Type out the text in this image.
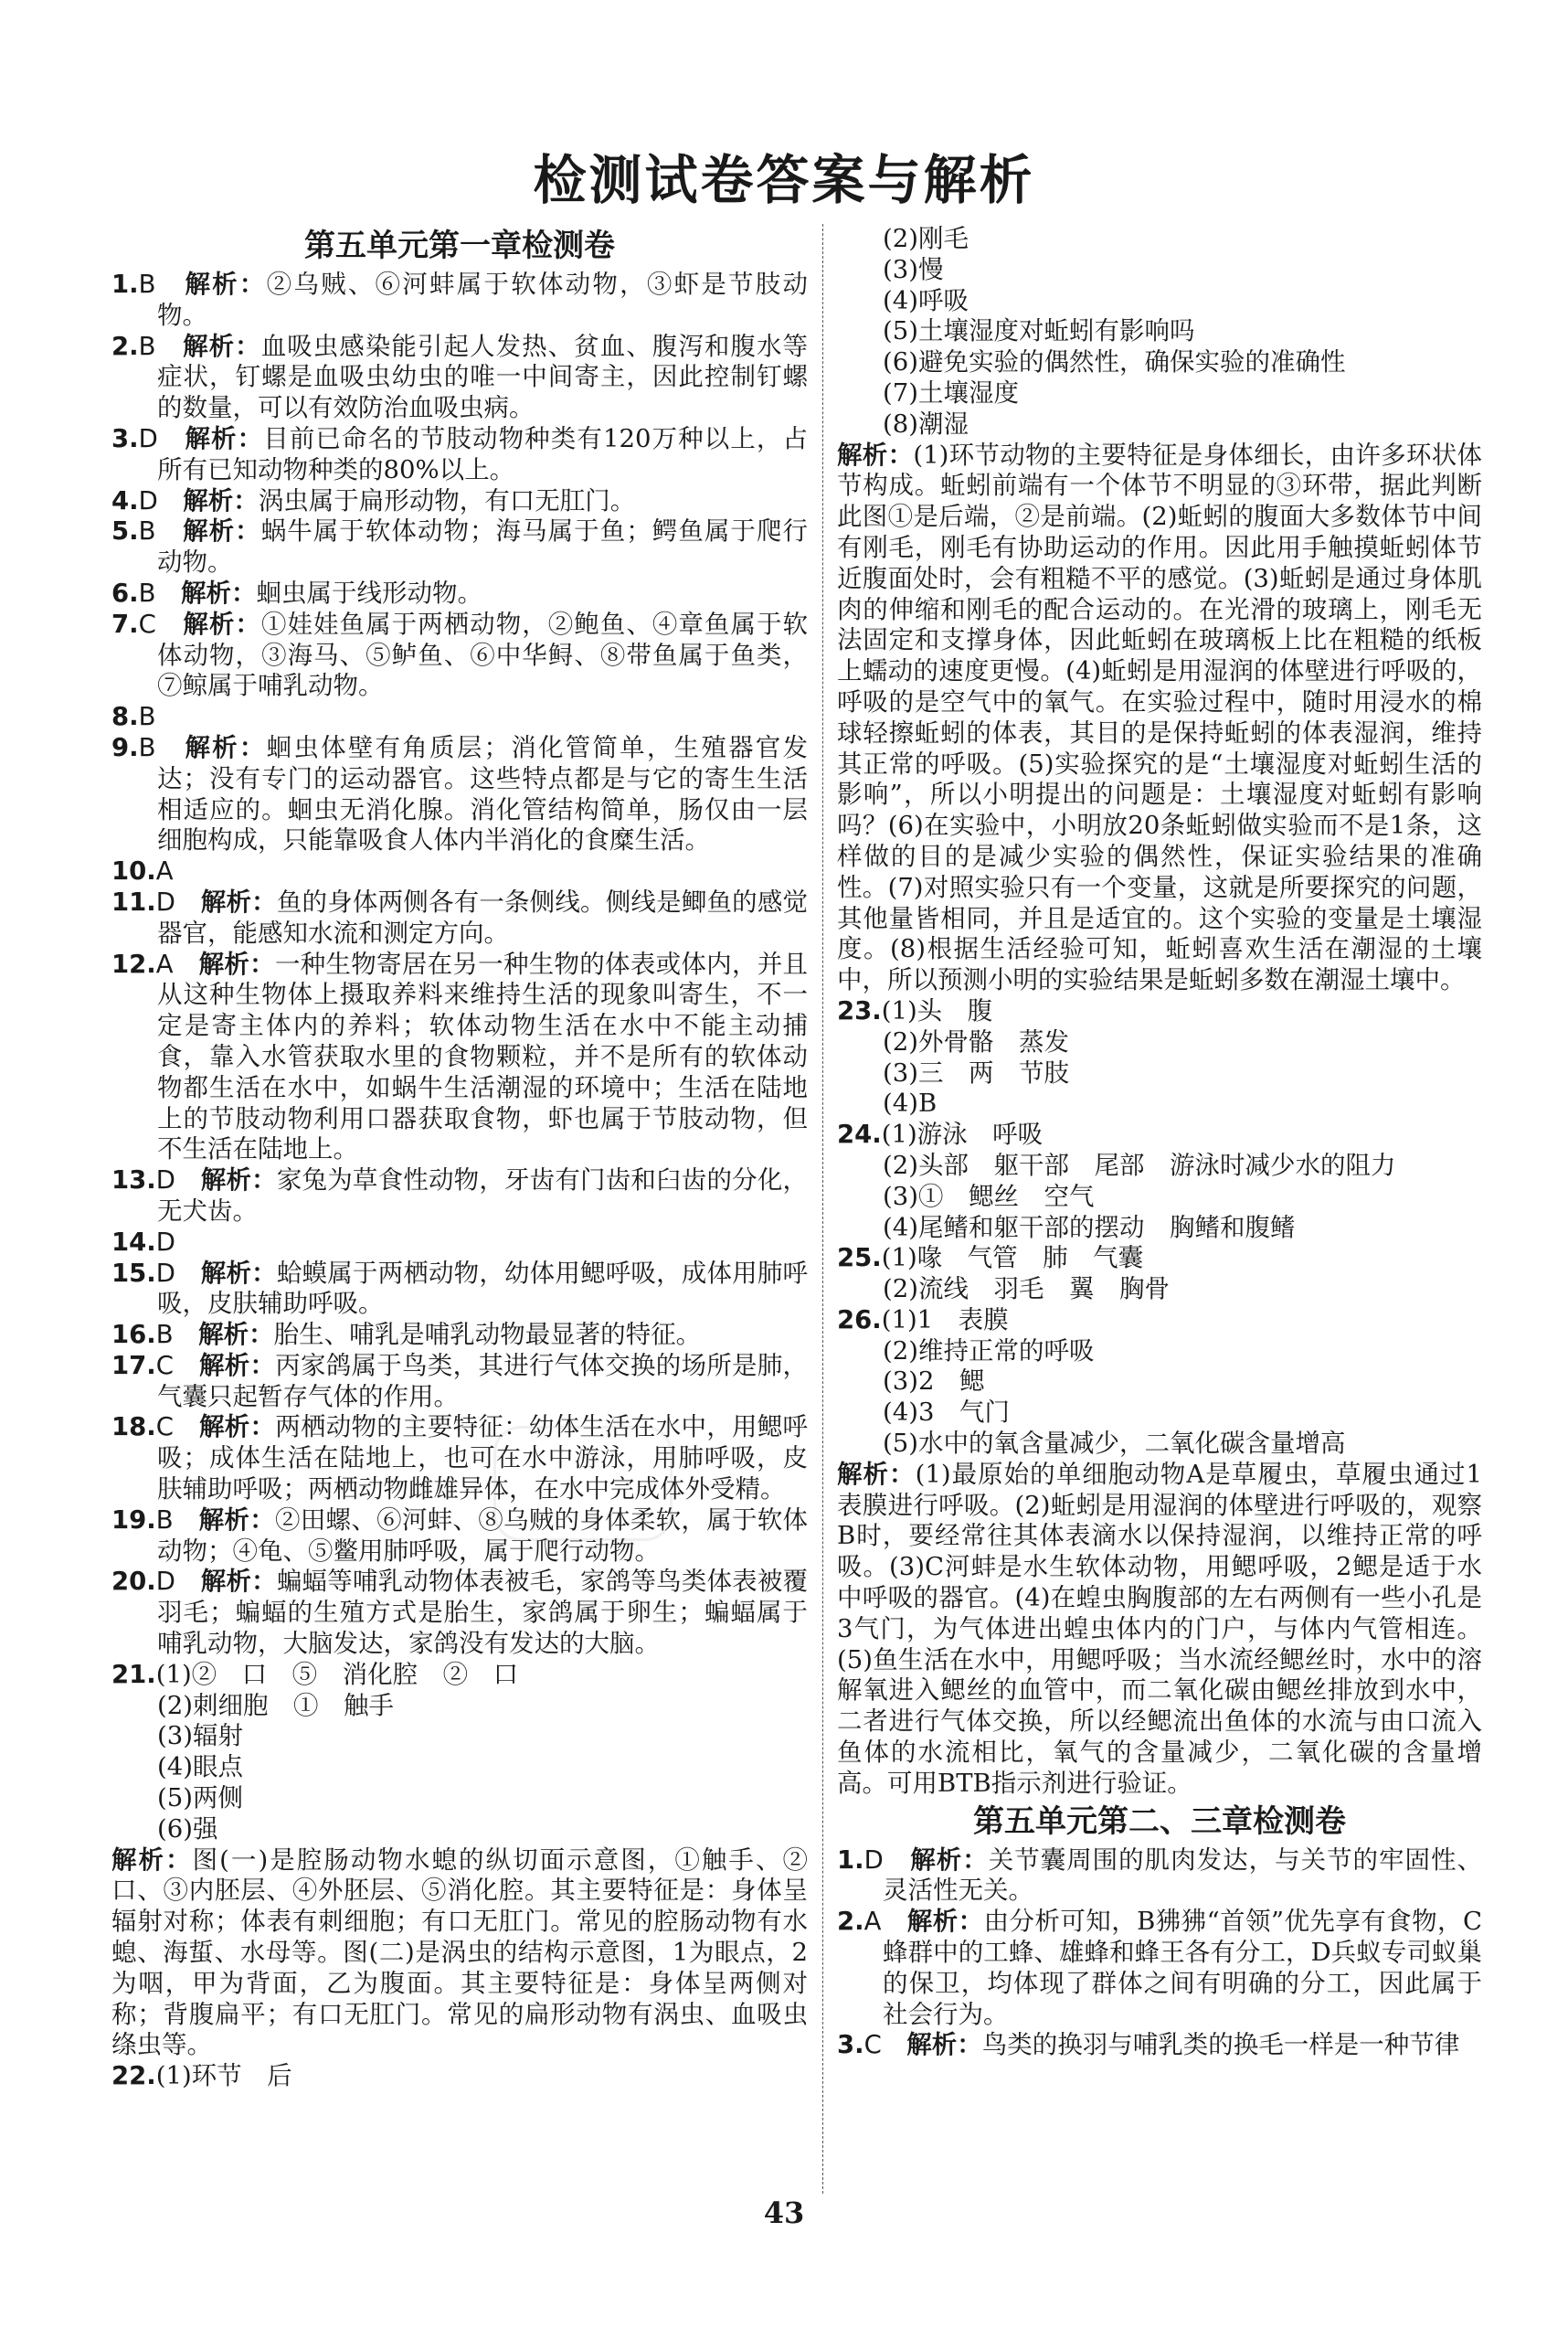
检测试卷答案与解析
第五单元第一章检测卷
1.B　 解析：②乌贼、⑥河蚌属于软体动物，③虾是节肢动物。
2.B　 解析：血吸虫感染能引起人发热、贫血、腹泻和腹水等症状，钉螺是血吸虫幼虫的唯一中间寄主，因此控制钉螺的数量，可以有效防治血吸虫病。
3.D　 解析：目前已命名的节肢动物种类有120万种以上，占所有已知动物种类的80%以上。
4.D　 解析：涡虫属于扁形动物，有口无肛门。
5.B　 解析：蜗牛属于软体动物；海马属于鱼；鳄鱼属于爬行动物。
6.B　 解析：蛔虫属于线形动物。
7.C　 解析：①娃娃鱼属于两栖动物，②鲍鱼、④章鱼属于软体动物，③海马、⑤鲈鱼、⑥中华鲟、⑧带鱼属于鱼类，⑦鲸属于哺乳动物。
8.B
9.B　 解析：蛔虫体壁有角质层；消化管简单，生殖器官发达；没有专门的运动器官。这些特点都是与它的寄生生活相适应的。蛔虫无消化腺。消化管结构简单，肠仅由一层细胞构成，只能靠吸食人体内半消化的食糜生活。
10.A
11.D　 解析：鱼的身体两侧各有一条侧线。侧线是鲫鱼的感觉器官，能感知水流和测定方向。
12.A　 解析：一种生物寄居在另一种生物的体表或体内，并且从这种生物体上摄取养料来维持生活的现象叫寄生，不一定是寄主体内的养料；软体动物生活在水中不能主动捕食，靠入水管获取水里的食物颗粒，并不是所有的软体动物都生活在水中，如蜗牛生活潮湿的环境中；生活在陆地上的节肢动物利用口器获取食物，虾也属于节肢动物，但不生活在陆地上。
13.D　 解析：家兔为草食性动物，牙齿有门齿和臼齿的分化，无犬齿。
14.D
15.D　 解析：蛤蟆属于两栖动物，幼体用鳃呼吸，成体用肺呼吸，皮肤辅助呼吸。
16.B　 解析：胎生、哺乳是哺乳动物最显著的特征。
17.C　 解析：丙家鸽属于鸟类，其进行气体交换的场所是肺，气囊只起暂存气体的作用。
18.C　 解析：两栖动物的主要特征：幼体生活在水中，用鳃呼吸；成体生活在陆地上，也可在水中游泳，用肺呼吸，皮肤辅助呼吸；两栖动物雌雄异体，在水中完成体外受精。
19.B　 解析：②田螺、⑥河蚌、⑧乌贼的身体柔软，属于软体动物；④龟、⑤鳖用肺呼吸，属于爬行动物。
20.D　 解析：蝙蝠等哺乳动物体表被毛，家鸽等鸟类体表被覆羽毛；蝙蝠的生殖方式是胎生，家鸽属于卵生；蝙蝠属于哺乳动物，大脑发达，家鸽没有发达的大脑。
21.(1)②　口　⑤　消化腔　②　口
(2)刺细胞　①　触手
(3)辐射
(4)眼点
(5)两侧
(6)强
解析：图(一)是腔肠动物水螅的纵切面示意图，①触手、②口、③内胚层、④外胚层、⑤消化腔。其主要特征是：身体呈辐射对称；体表有刺细胞；有口无肛门。常见的腔肠动物有水螅、海蜇、水母等。图(二)是涡虫的结构示意图，1为眼点，2为咽，甲为背面，乙为腹面。其主要特征是：身体呈两侧对称；背腹扁平；有口无肛门。常见的扁形动物有涡虫、血吸虫绦虫等。
22.(1)环节　后
(2)刚毛
(3)慢
(4)呼吸
(5)土壤湿度对蚯蚓有影响吗
(6)避免实验的偶然性，确保实验的准确性
(7)土壤湿度
(8)潮湿
解析：(1)环节动物的主要特征是身体细长，由许多环状体节构成。蚯蚓前端有一个体节不明显的③环带，据此判断此图①是后端，②是前端。(2)蚯蚓的腹面大多数体节中间有刚毛，刚毛有协助运动的作用。因此用手触摸蚯蚓体节近腹面处时，会有粗糙不平的感觉。(3)蚯蚓是通过身体肌肉的伸缩和刚毛的配合运动的。在光滑的玻璃上，刚毛无法固定和支撑身体，因此蚯蚓在玻璃板上比在粗糙的纸板上蠕动的速度更慢。(4)蚯蚓是用湿润的体壁进行呼吸的，呼吸的是空气中的氧气。在实验过程中，随时用浸水的棉球轻擦蚯蚓的体表，其目的是保持蚯蚓的体表湿润，维持其正常的呼吸。(5)实验探究的是“土壤湿度对蚯蚓生活的影响”，所以小明提出的问题是：土壤湿度对蚯蚓有影响吗？(6)在实验中，小明放20条蚯蚓做实验而不是1条，这样做的目的是减少实验的偶然性，保证实验结果的准确性。(7)对照实验只有一个变量，这就是所要探究的问题，其他量皆相同，并且是适宜的。这个实验的变量是土壤湿度。(8)根据生活经验可知，蚯蚓喜欢生活在潮湿的土壤中，所以预测小明的实验结果是蚯蚓多数在潮湿土壤中。
23.(1)头　腹
(2)外骨骼　蒸发
(3)三　两　节肢
(4)B
24.(1)游泳　呼吸
(2)头部　躯干部　尾部　游泳时减少水的阻力
(3)①　鳃丝　空气
(4)尾鳍和躯干部的摆动　胸鳍和腹鳍
25.(1)喙　气管　肺　气囊
(2)流线　羽毛　翼　胸骨
26.(1)1　表膜
(2)维持正常的呼吸
(3)2　鳃
(4)3　气门
(5)水中的氧含量减少，二氧化碳含量增高
解析：(1)最原始的单细胞动物A是草履虫，草履虫通过1表膜进行呼吸。(2)蚯蚓是用湿润的体壁进行呼吸的，观察B时，要经常往其体表滴水以保持湿润，以维持正常的呼吸。(3)C河蚌是水生软体动物，用鳃呼吸，2鳃是适于水中呼吸的器官。(4)在蝗虫胸腹部的左右两侧有一些小孔是3气门，为气体进出蝗虫体内的门户，与体内气管相连。(5)鱼生活在水中，用鳃呼吸；当水流经鳃丝时，水中的溶解氧进入鳃丝的血管中，而二氧化碳由鳃丝排放到水中，二者进行气体交换，所以经鳃流出鱼体的水流与由口流入鱼体的水流相比，氧气的含量减少，二氧化碳的含量增高。可用BTB指示剂进行验证。
第五单元第二、三章检测卷
1.D　 解析：关节囊周围的肌肉发达，与关节的牢固性、灵活性无关。
2.A　 解析：由分析可知，B狒狒“首领”优先享有食物，C蜂群中的工蜂、雄蜂和蜂王各有分工，D兵蚁专司蚁巢的保卫，均体现了群体之间有明确的分工，因此属于社会行为。
3.C　 解析：鸟类的换羽与哺乳类的换毛一样是一种节律
43
